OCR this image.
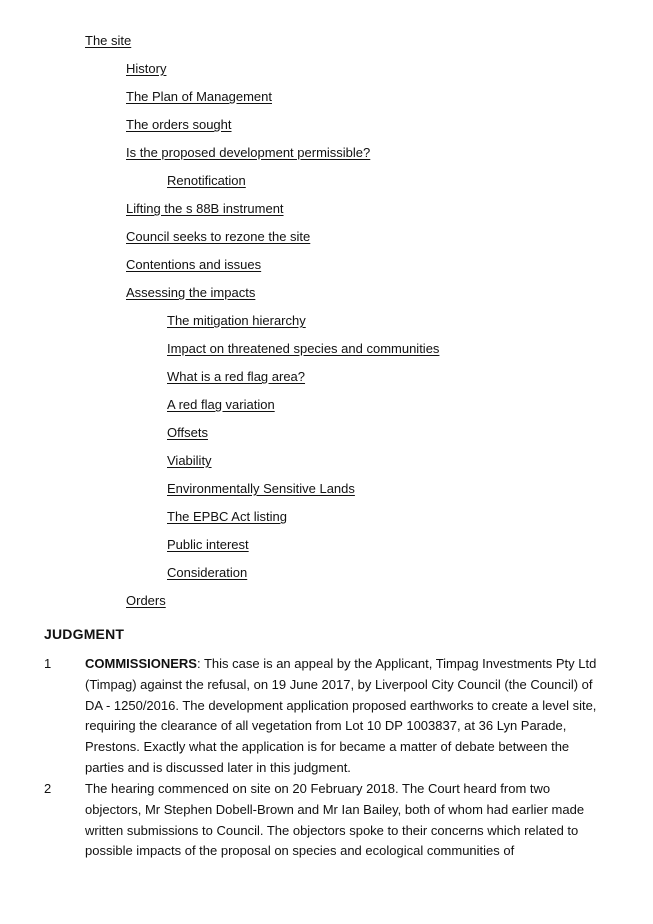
The site
History
The Plan of Management
The orders sought
Is the proposed development permissible?
Renotification
Lifting the s 88B instrument
Council seeks to rezone the site
Contentions and issues
Assessing the impacts
The mitigation hierarchy
Impact on threatened species and communities
What is a red flag area?
A red flag variation
Offsets
Viability
Environmentally Sensitive Lands
The EPBC Act listing
Public interest
Consideration
Orders
JUDGMENT
1	COMMISSIONERS: This case is an appeal by the Applicant, Timpag Investments Pty Ltd (Timpag) against the refusal, on 19 June 2017, by Liverpool City Council (the Council) of DA - 1250/2016. The development application proposed earthworks to create a level site, requiring the clearance of all vegetation from Lot 10 DP 1003837, at 36 Lyn Parade, Prestons. Exactly what the application is for became a matter of debate between the parties and is discussed later in this judgment.
2	The hearing commenced on site on 20 February 2018. The Court heard from two objectors, Mr Stephen Dobell-Brown and Mr Ian Bailey, both of whom had earlier made written submissions to Council. The objectors spoke to their concerns which related to possible impacts of the proposal on species and ecological communities of
